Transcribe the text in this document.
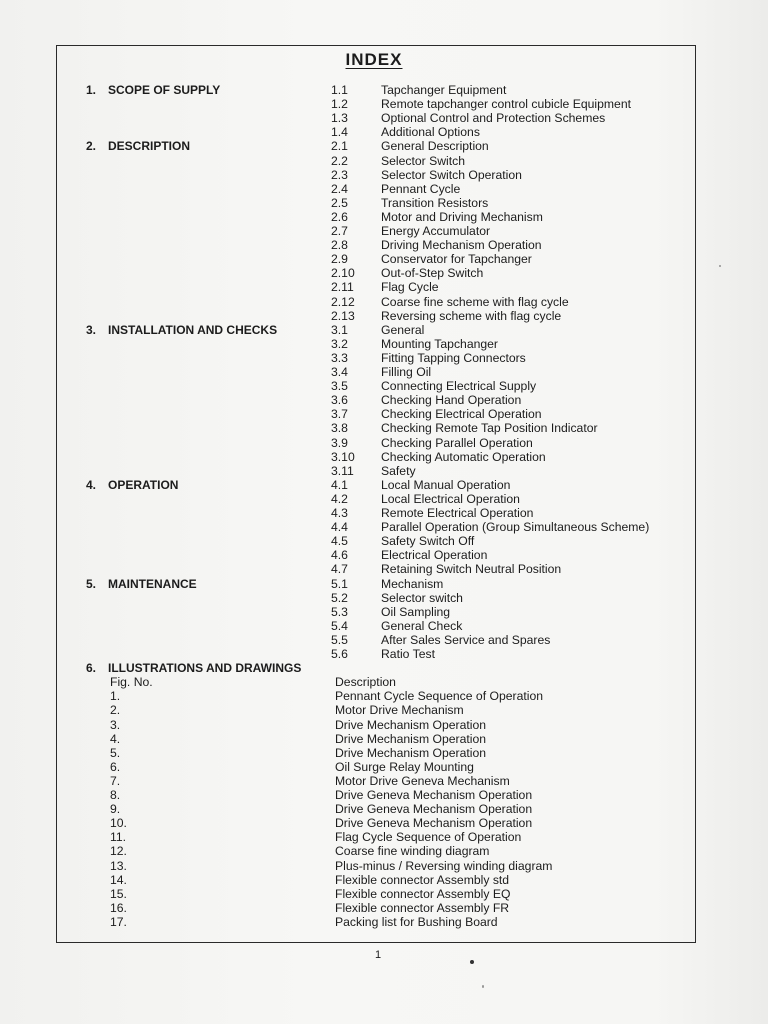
INDEX
1. SCOPE OF SUPPLY	1.1	Tapchanger Equipment
1.2	Remote tapchanger control cubicle Equipment
1.3	Optional Control and Protection Schemes
1.4	Additional Options
2. DESCRIPTION	2.1	General Description
2.2	Selector Switch
2.3	Selector Switch Operation
2.4	Pennant Cycle
2.5	Transition Resistors
2.6	Motor and Driving Mechanism
2.7	Energy Accumulator
2.8	Driving Mechanism Operation
2.9	Conservator for Tapchanger
2.10 Out-of-Step Switch
2.11 Flag Cycle
2.12 Coarse fine scheme with flag cycle
2.13 Reversing scheme with flag cycle
3. INSTALLATION AND CHECKS	3.1	General
3.2	Mounting Tapchanger
3.3	Fitting Tapping Connectors
3.4	Filling Oil
3.5	Connecting Electrical Supply
3.6	Checking Hand Operation
3.7	Checking Electrical Operation
3.8	Checking Remote Tap Position Indicator
3.9	Checking Parallel Operation
3.10 Checking Automatic Operation
3.11 Safety
4. OPERATION	4.1	Local Manual Operation
4.2	Local Electrical Operation
4.3	Remote Electrical Operation
4.4	Parallel Operation (Group Simultaneous Scheme)
4.5	Safety Switch Off
4.6	Electrical Operation
4.7	Retaining Switch Neutral Position
5. MAINTENANCE	5.1	Mechanism
5.2	Selector switch
5.3	Oil Sampling
5.4	General Check
5.5	After Sales Service and Spares
5.6	Ratio Test
6. ILLUSTRATIONS AND DRAWINGS
Fig. No.	Description
1.	Pennant Cycle Sequence of Operation
2.	Motor Drive Mechanism
3.	Drive Mechanism Operation
4.	Drive Mechanism Operation
5.	Drive Mechanism Operation
6.	Oil Surge Relay Mounting
7.	Motor Drive Geneva Mechanism
8.	Drive Geneva Mechanism Operation
9.	Drive Geneva Mechanism Operation
10.	Drive Geneva Mechanism Operation
11.	Flag Cycle Sequence of Operation
12.	Coarse fine winding diagram
13.	Plus-minus / Reversing winding diagram
14.	Flexible connector Assembly std
15.	Flexible connector Assembly EQ
16.	Flexible connector Assembly FR
17.	Packing list for Bushing Board
1
